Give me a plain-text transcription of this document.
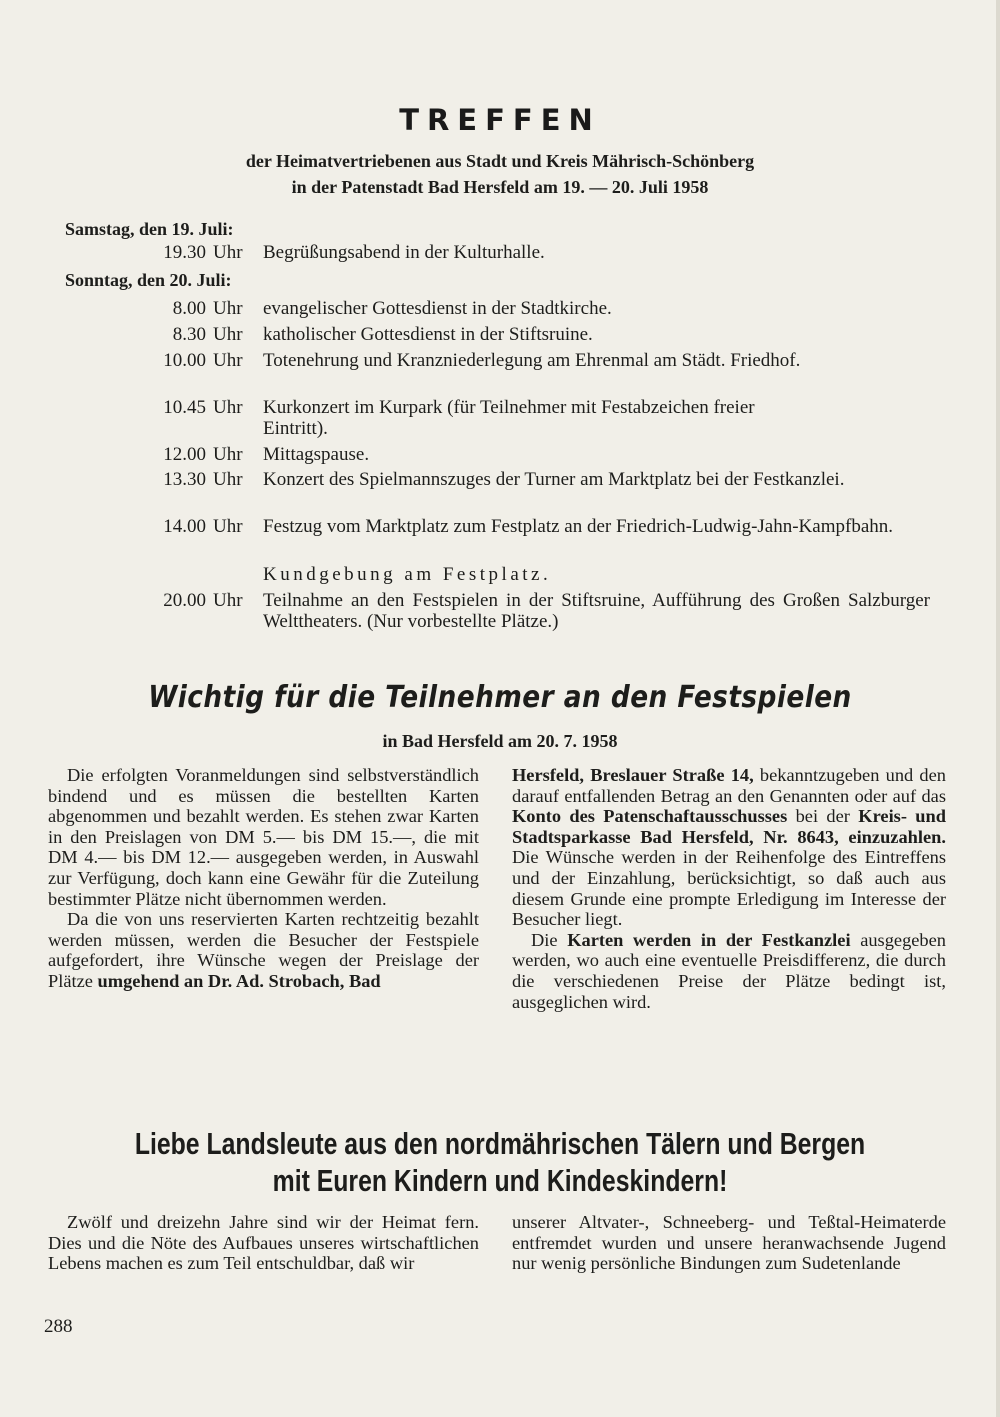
TREFFEN
der Heimatvertriebenen aus Stadt und Kreis Mährisch-Schönberg
in der Patenstadt Bad Hersfeld am 19. — 20. Juli 1958
Samstag, den 19. Juli:
19.30 Uhr Begrüßungsabend in der Kulturhalle.
Sonntag, den 20. Juli:
8.00 Uhr evangelischer Gottesdienst in der Stadtkirche.
8.30 Uhr katholischer Gottesdienst in der Stiftsruine.
10.00 Uhr Totenehrung und Kranzniederlegung am Ehrenmal am Städt. Friedhof.
10.45 Uhr Kurkonzert im Kurpark (für Teilnehmer mit Festabzeichen freier Eintritt).
12.00 Uhr Mittagspause.
13.30 Uhr Konzert des Spielmannszuges der Turner am Marktplatz bei der Festkanzlei.
14.00 Uhr Festzug vom Marktplatz zum Festplatz an der Friedrich-Ludwig-Jahn-Kampfbahn.
Kundgebung am Festplatz.
20.00 Uhr Teilnahme an den Festspielen in der Stiftsruine, Aufführung des Großen Salzburger Welttheaters. (Nur vorbestellte Plätze.)
Wichtig für die Teilnehmer an den Festspielen
in Bad Hersfeld am 20. 7. 1958

Die erfolgten Voranmeldungen sind selbstverständlich bindend und es müssen die bestellten Karten abgenommen und bezahlt werden. Es stehen zwar Karten in den Preislagen von DM 5.— bis DM 15.—, die mit DM 4.— bis DM 12.— ausgegeben werden, in Auswahl zur Verfügung, doch kann eine Gewähr für die Zuteilung bestimmter Plätze nicht übernommen werden.

Da die von uns reservierten Karten rechtzeitig bezahlt werden müssen, werden die Besucher der Festspiele aufgefordert, ihre Wünsche wegen der Preislage der Plätze umgehend an Dr. Ad. Strobach, Bad

Hersfeld, Breslauer Straße 14, bekanntzugeben und den darauf entfallenden Betrag an den Genannten oder auf das Konto des Patenschaftausschusses bei der Kreis- und Stadtsparkasse Bad Hersfeld, Nr. 8643, einzuzahlen. Die Wünsche werden in der Reihenfolge des Eintreffens und der Einzahlung, berücksichtigt, so daß auch aus diesem Grunde eine prompte Erledigung im Interesse der Besucher liegt.

Die Karten werden in der Festkanzlei ausgegeben werden, wo auch eine eventuelle Preisdifferenz, die durch die verschiedenen Preise der Plätze bedingt ist, ausgeglichen wird.

Liebe Landsleute aus den nordmährischen Tälern und Bergen
mit Euren Kindern und Kindeskindern!

Zwölf und dreizehn Jahre sind wir der Heimat fern. Dies und die Nöte des Aufbaues unseres wirtschaftlichen Lebens machen es zum Teil entschuldbar, daß wir

unserer Altvater-, Schneeberg- und Teßtal-Heimaterde entfremdet wurden und unsere heranwachsende Jugend nur wenig persönliche Bindungen zum Sudetenlande

288
